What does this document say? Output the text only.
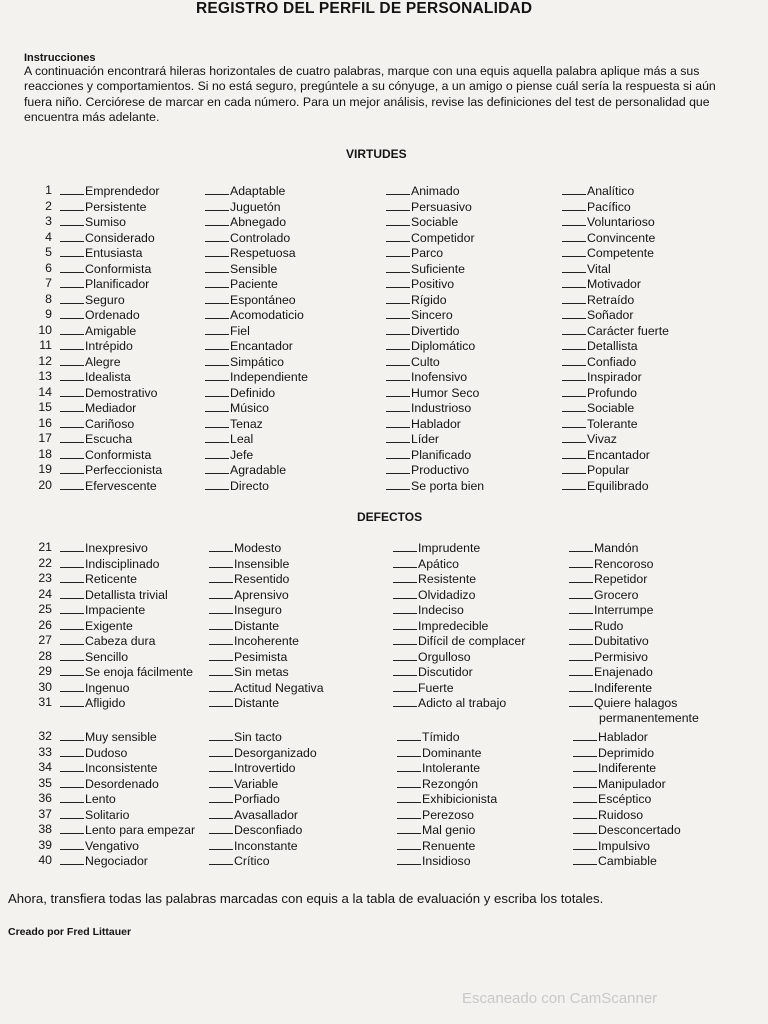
REGISTRO DEL PERFIL DE PERSONALIDAD
Instrucciones
A continuación encontrará hileras horizontales de cuatro palabras, marque con una equis aquella palabra aplique más a sus reacciones y comportamientos. Si no está seguro, pregúntele a su cónyuge, a un amigo o piense cuál sería la respuesta si aún fuera niño. Cerciórese de marcar en cada número. Para un mejor análisis, revise las definiciones del test de personalidad que encuentra más adelante.
VIRTUDES
1
2
3
4
5
6
7
8
9
10
11
12
13
14
15
16
17
18
19
20
Emprendedor
Persistente
Sumiso
Considerado
Entusiasta
Conformista
Planificador
Seguro
Ordenado
Amigable
Intrépido
Alegre
Idealista
Demostrativo
Mediador
Cariñoso
Escucha
Conformista
Perfeccionista
Efervescente
Adaptable
Juguetón
Abnegado
Controlado
Respetuosa
Sensible
Paciente
Espontáneo
Acomodaticio
Fiel
Encantador
Simpático
Independiente
Definido
Músico
Tenaz
Leal
Jefe
Agradable
Directo
Animado
Persuasivo
Sociable
Competidor
Parco
Suficiente
Positivo
Rígido
Sincero
Divertido
Diplomático
Culto
Inofensivo
Humor Seco
Industrioso
Hablador
Líder
Planificado
Productivo
Se porta bien
Analítico
Pacífico
Voluntarioso
Convincente
Competente
Vital
Motivador
Retraído
Soñador
Carácter fuerte
Detallista
Confiado
Inspirador
Profundo
Sociable
Tolerante
Vivaz
Encantador
Popular
Equilibrado
DEFECTOS
21
22
23
24
25
26
27
28
29
30
31
Inexpresivo
Indisciplinado
Reticente
Detallista trivial
Impaciente
Exigente
Cabeza dura
Sencillo
Se enoja fácilmente
Ingenuo
Afligido
Modesto
Insensible
Resentido
Aprensivo
Inseguro
Distante
Incoherente
Pesimista
Sin metas
Actitud Negativa
Distante
Imprudente
Apático
Resistente
Olvidadizo
Indeciso
Impredecible
Difícil de complacer
Orgulloso
Discutidor
Fuerte
Adicto al trabajo
Mandón
Rencoroso
Repetidor
Grocero
Interrumpe
Rudo
Dubitativo
Permisivo
Enajenado
Indiferente
Quiere halagos
permanentemente
32
33
34
35
36
37
38
39
40
Muy sensible
Dudoso
Inconsistente
Desordenado
Lento
Solitario
Lento para empezar
Vengativo
Negociador
Sin tacto
Desorganizado
Introvertido
Variable
Porfiado
Avasallador
Desconfiado
Inconstante
Crítico
Tímido
Dominante
Intolerante
Rezongón
Exhibicionista
Perezoso
Mal genio
Renuente
Insidioso
Hablador
Deprimido
Indiferente
Manipulador
Escéptico
Ruidoso
Desconcertado
Impulsivo
Cambiable
Ahora, transfiera todas las palabras marcadas con equis a la tabla de evaluación y escriba los totales.
Creado por Fred Littauer
Escaneado con CamScanner
